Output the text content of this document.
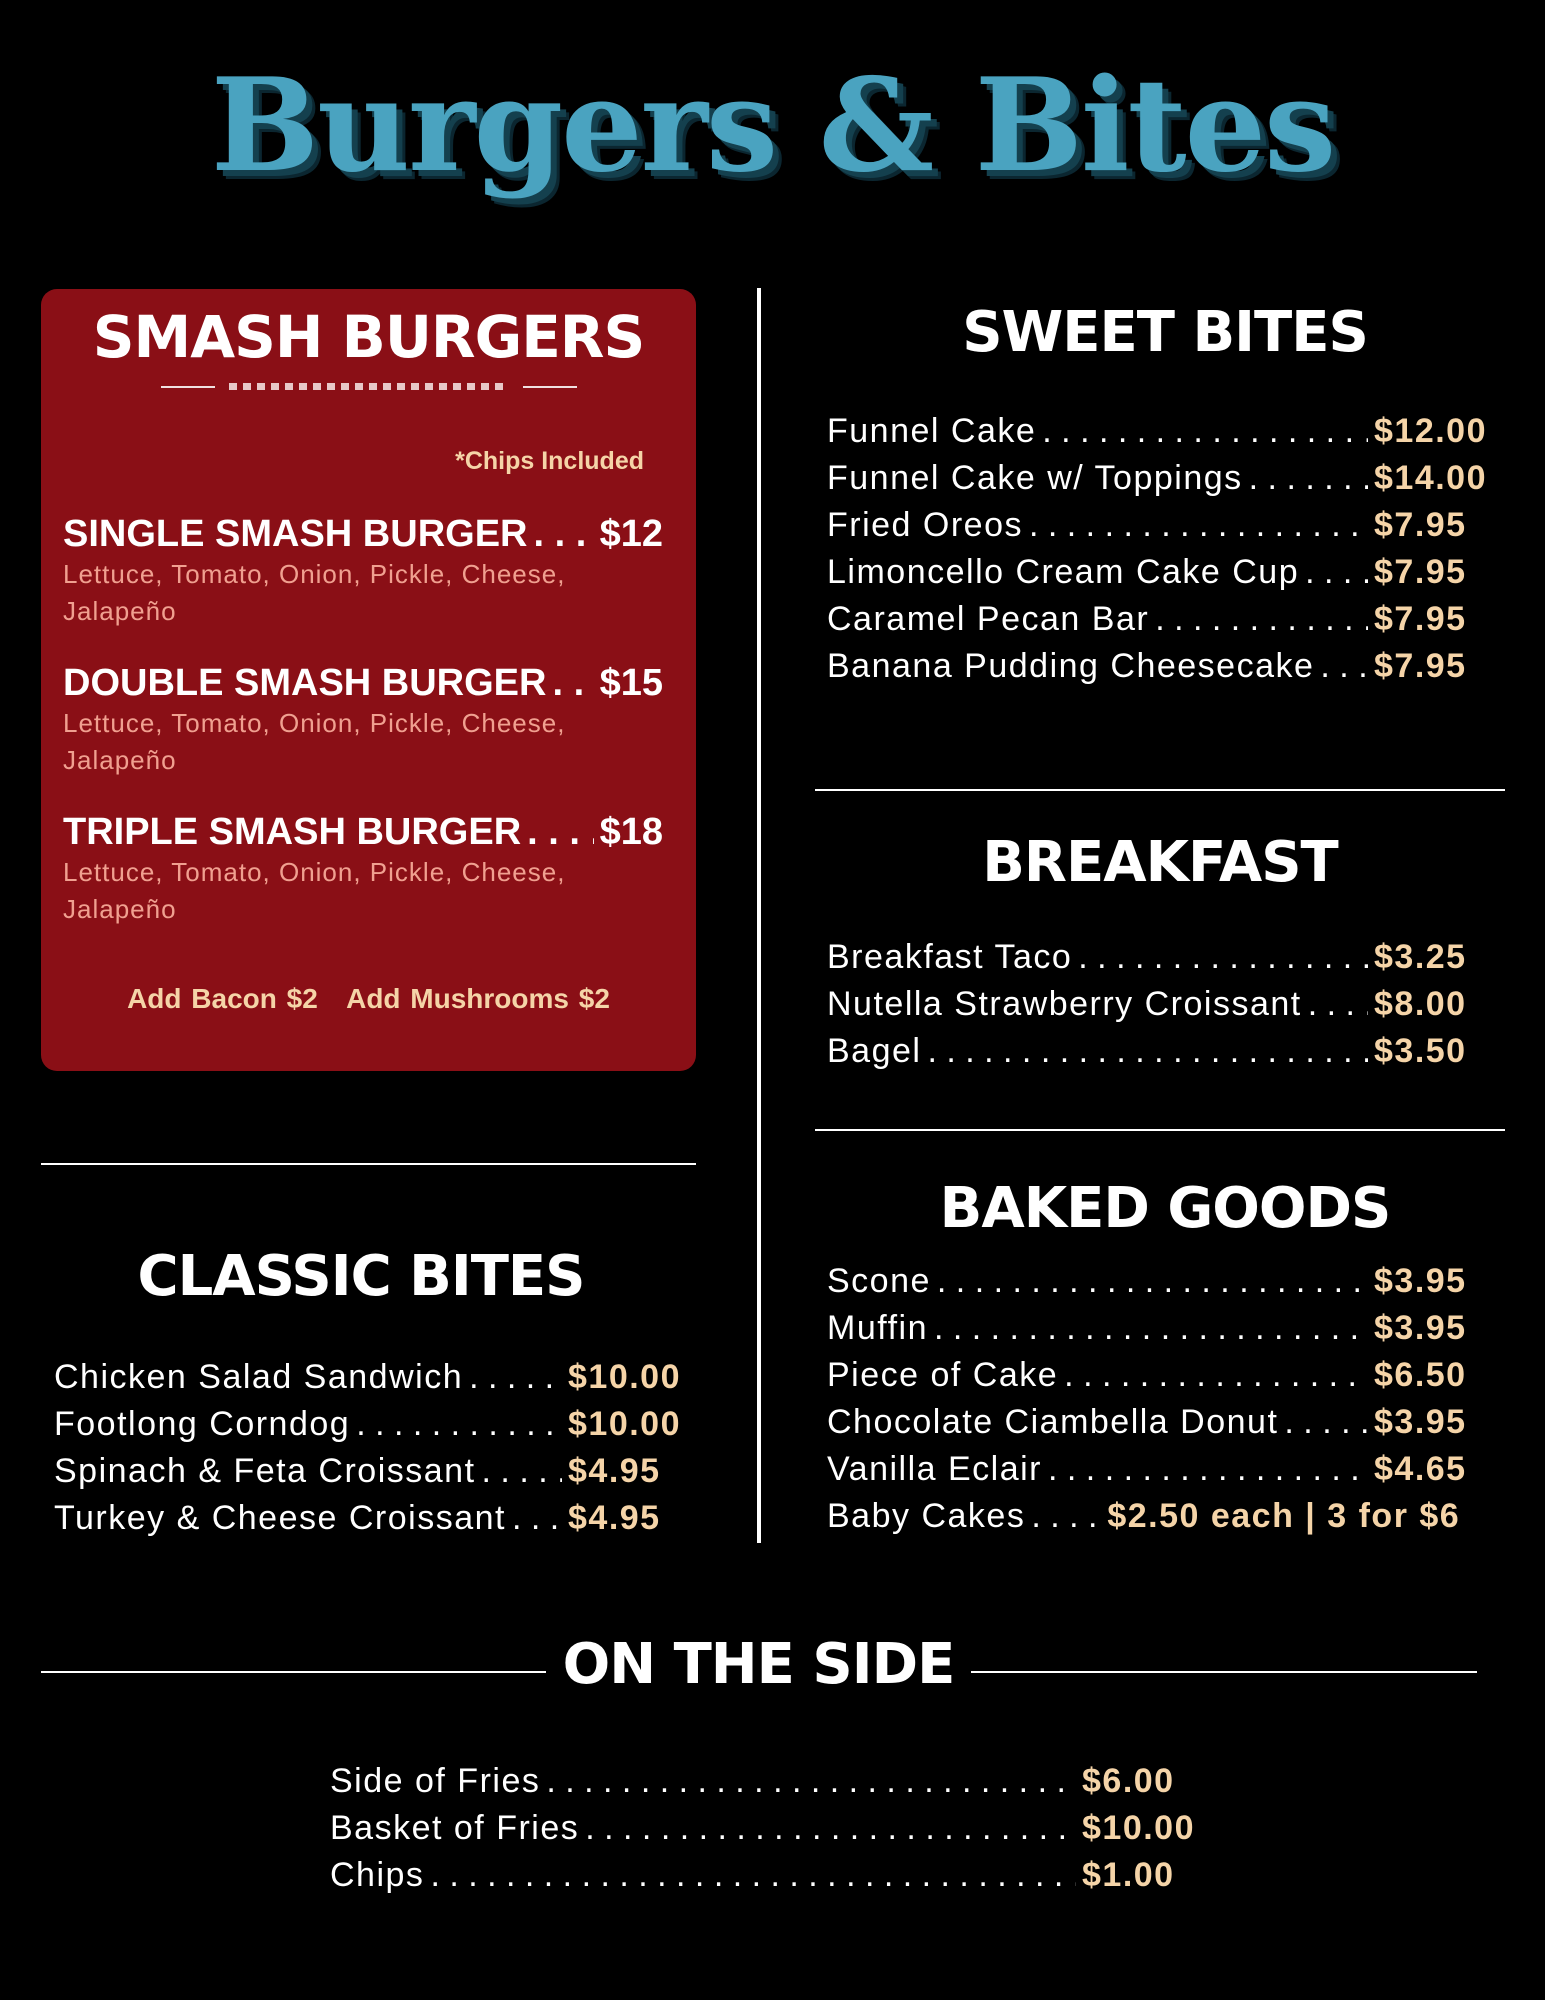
Burgers & Bites
SMASH BURGERS
*Chips Included
SINGLE SMASH BURGER . . . $12
Lettuce, Tomato, Onion, Pickle, Cheese, Jalapeño
DOUBLE SMASH BURGER . . . $15
Lettuce, Tomato, Onion, Pickle, Cheese, Jalapeño
TRIPLE SMASH BURGER . . . $18
Lettuce, Tomato, Onion, Pickle, Cheese, Jalapeño
Add Bacon $2 Add Mushrooms $2
CLASSIC BITES
Chicken Salad Sandwich . . .	$10.00
Footlong Corndog . . .	$10.00
Spinach & Feta Croissant . . .	$4.95
Turkey & Cheese Croissant . . . $4.95
SWEET BITES
Funnel Cake . . .	$12.00
Funnel Cake w/ Toppings . . .	$14.00
Fried Oreos . . .	$7.95
Limoncello Cream Cake Cup . . . $7.95
Caramel Pecan Bar . . .	$7.95
Banana Pudding Cheesecake . . . $7.95
BREAKFAST
Breakfast Taco . . .	$3.25
Nutella Strawberry Croissant . . . $8.00
Bagel . . .	$3.50
BAKED GOODS
Scone . . .	$3.95
Muffin . . .	$3.95
Piece of Cake . . .	$6.50
Chocolate Ciambella Donut . . .	$3.95
Vanilla Eclair . . .	$4.65
Baby Cakes . . . $2.50 each | 3 for $6
ON THE SIDE
Side of Fries . . .	$6.00
Basket of Fries . . .	$10.00
Chips . . .	$1.00
